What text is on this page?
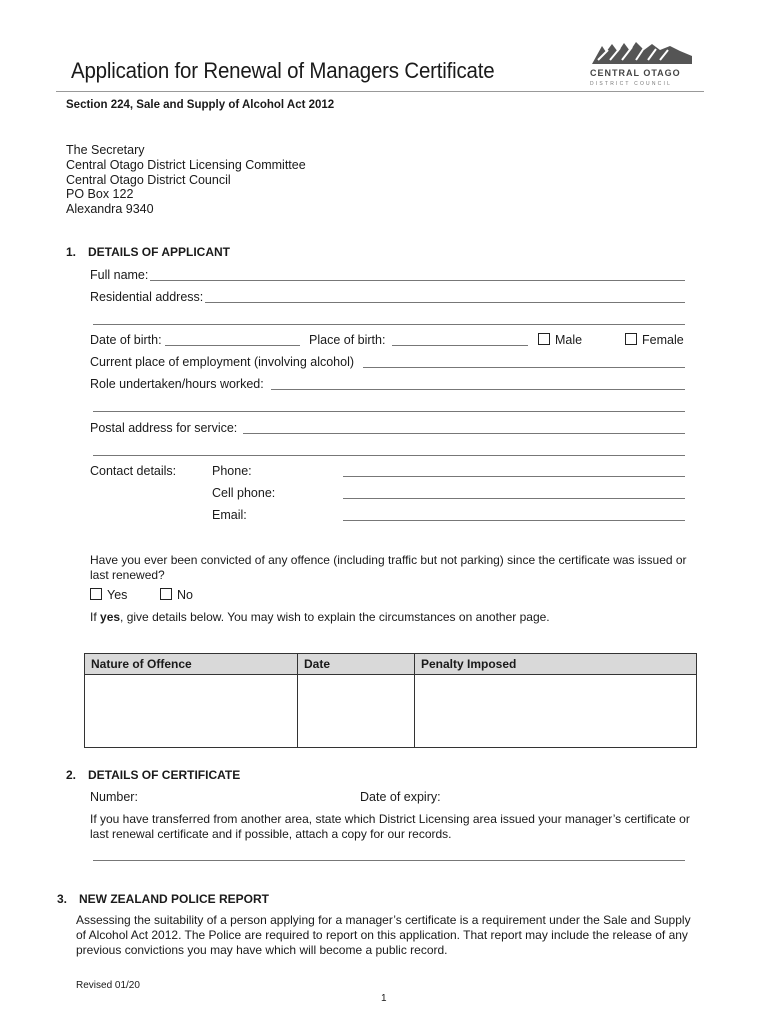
Application for Renewal of Managers Certificate	CENTRAL OTAGO
DISTRICT COUNCIL
Section 224, Sale and Supply of Alcohol Act 2012
The Secretary
Central Otago District Licensing Committee
Central Otago District Council
PO Box 122
Alexandra 9340
1. DETAILS OF APPLICANT
Full name:
Residential address:
Date of birth:	Place of birth:	Male	Female
Current place of employment (involving alcohol)
Role undertaken/hours worked:
Postal address for service:
Contact details:	Phone:
Cell phone:
Email:
Have you ever been convicted of any offence (including traffic but not parking) since the certificate was issued or last renewed?
Yes	No
If yes, give details below. You may wish to explain the circumstances on another page.
Nature of Offence	Date	Penalty Imposed

2. DETAILS OF CERTIFICATE
Number:	Date of expiry:
If you have transferred from another area, state which District Licensing area issued your manager’s certificate or last renewal certificate and if possible, attach a copy for our records.
3. NEW ZEALAND POLICE REPORT
Assessing the suitability of a person applying for a manager’s certificate is a requirement under the Sale and Supply of Alcohol Act 2012. The Police are required to report on this application. That report may include the release of any previous convictions you may have which will become a public record.
Revised 01/20
1
